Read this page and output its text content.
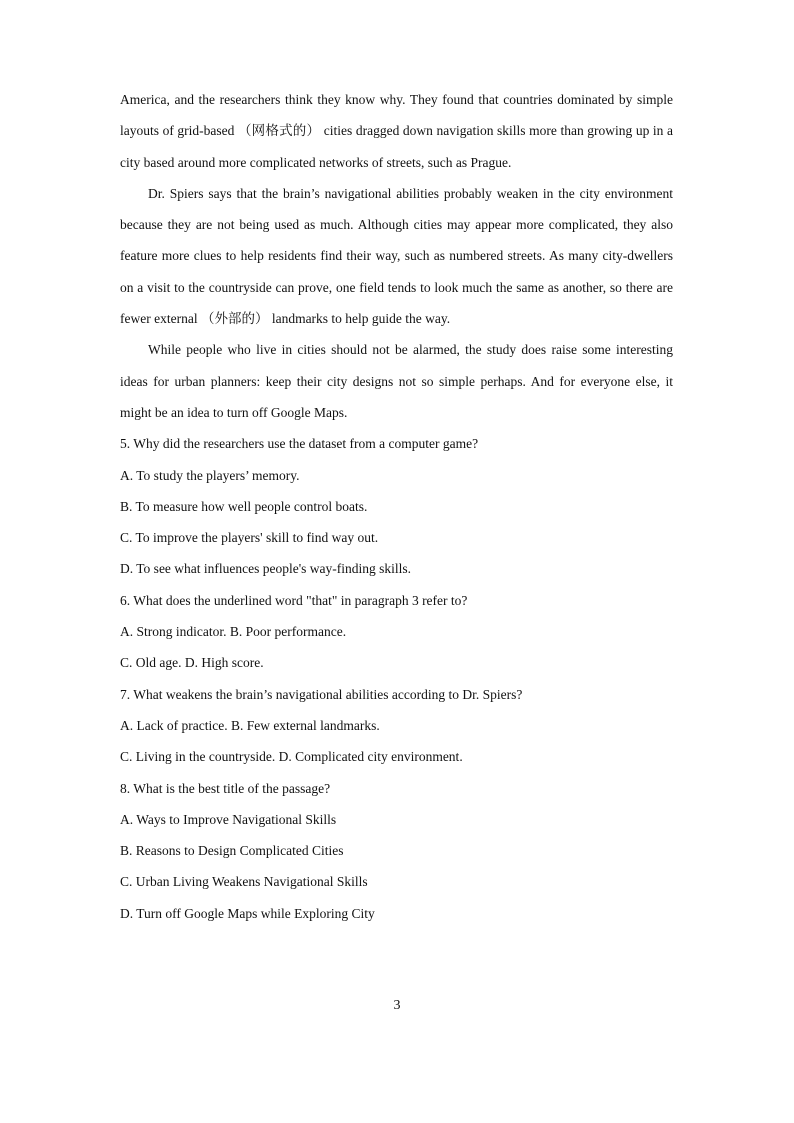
America, and the researchers think they know why. They found that countries dominated by simple layouts of grid-based （网格式的） cities dragged down navigation skills more than growing up in a city based around more complicated networks of streets, such as Prague.

Dr. Spiers says that the brain’s navigational abilities probably weaken in the city environment because they are not being used as much. Although cities may appear more complicated, they also feature more clues to help residents find their way, such as numbered streets. As many city-dwellers on a visit to the countryside can prove, one field tends to look much the same as another, so there are fewer external （外部的） landmarks to help guide the way.

While people who live in cities should not be alarmed, the study does raise some interesting ideas for urban planners: keep their city designs not so simple perhaps. And for everyone else, it might be an idea to turn off Google Maps.

5. Why did the researchers use the dataset from a computer game?

A. To study the players’ memory.

B. To measure how well people control boats.

C. To improve the players' skill to find way out.

D. To see what influences people's way-finding skills.

6. What does the underlined word "that" in paragraph 3 refer to?

A. Strong indicator. B. Poor performance.

C. Old age. D. High score.

7. What weakens the brain’s navigational abilities according to Dr. Spiers?

A. Lack of practice. B. Few external landmarks.

C. Living in the countryside. D. Complicated city environment.

8. What is the best title of the passage?

A. Ways to Improve Navigational Skills

B. Reasons to Design Complicated Cities

C. Urban Living Weakens Navigational Skills

D. Turn off Google Maps while Exploring City

3
